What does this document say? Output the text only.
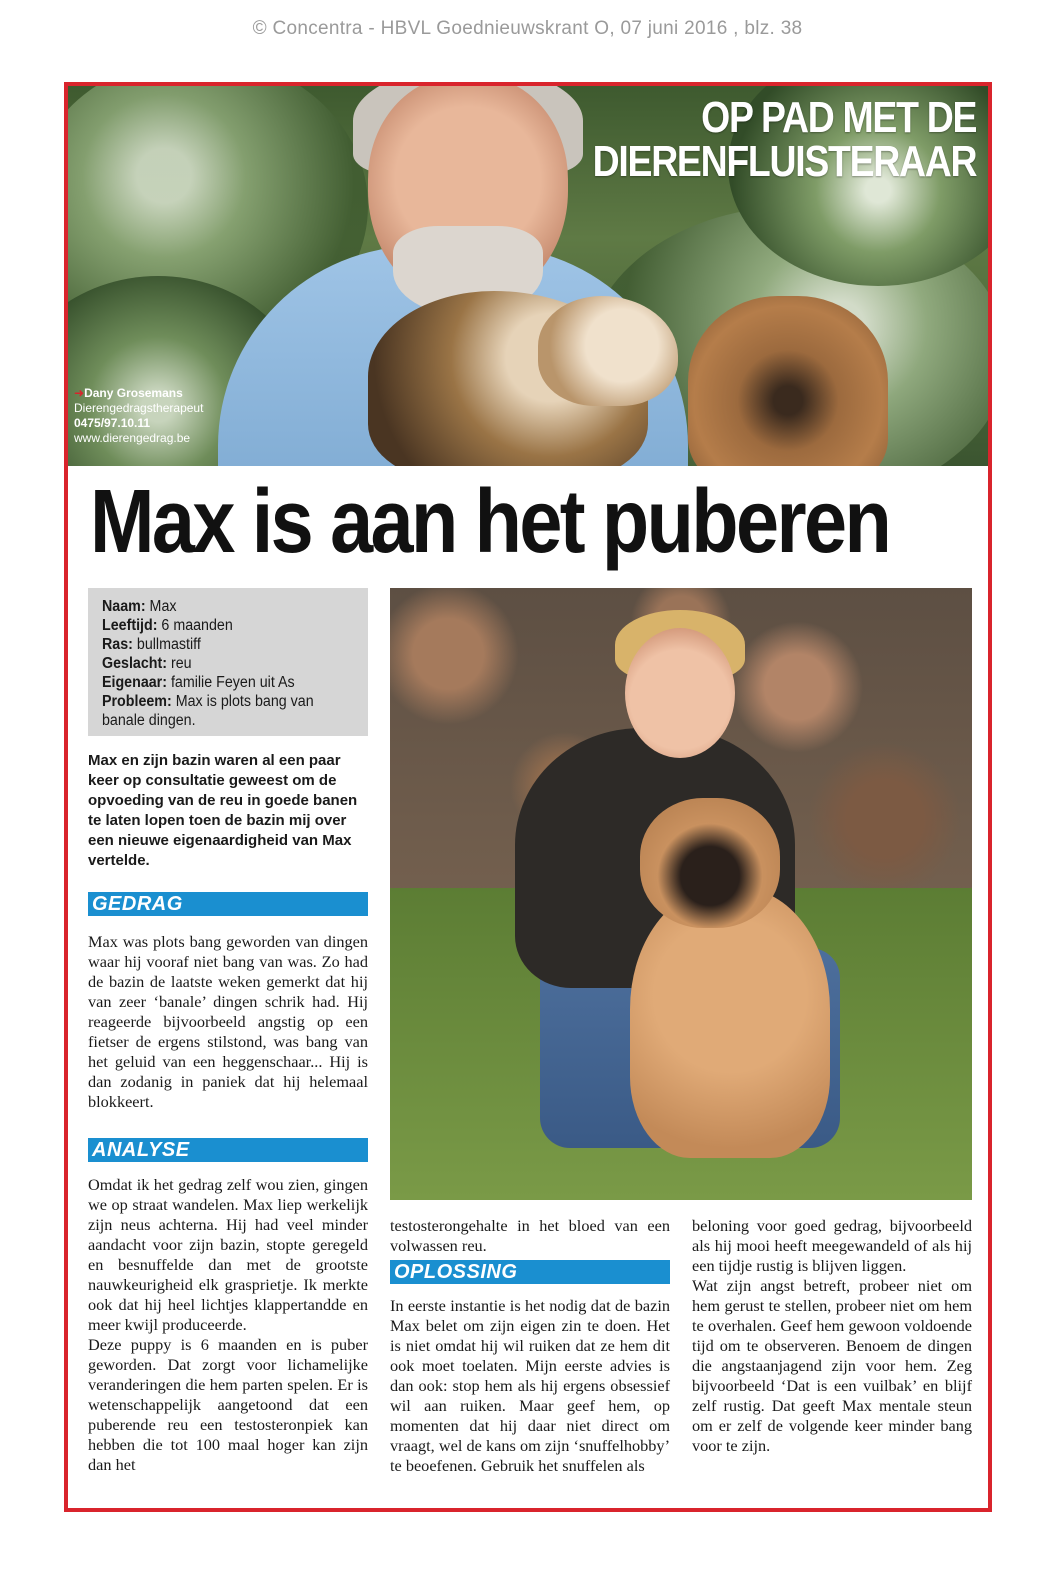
© Concentra - HBVL Goednieuwskrant O, 07 juni 2016 , blz. 38
OP PAD MET DE
DIERENFLUISTERAAR
➜Dany Grosemans
Dierengedragstherapeut
0475/97.10.11
www.dierengedrag.be
Max is aan het puberen
Naam: Max
Leeftijd: 6 maanden
Ras: bullmastiff
Geslacht: reu
Eigenaar: familie Feyen uit As
Probleem: Max is plots bang van banale dingen.
Max en zijn bazin waren al een paar keer op consultatie geweest om de opvoeding van de reu in goede banen te laten lopen toen de bazin mij over een nieuwe eigenaardigheid van Max vertelde.
GEDRAG
Max was plots bang geworden van dingen waar hij vooraf niet bang van was. Zo had de bazin de laatste weken gemerkt dat hij van zeer ‘banale’ dingen schrik had. Hij reageerde bijvoorbeeld angstig op een fietser de ergens stilstond, was bang van het geluid van een heggenschaar... Hij is dan zodanig in paniek dat hij helemaal blokkeert.
ANALYSE

Omdat ik het gedrag zelf wou zien, gingen we op straat wandelen. Max liep werkelijk zijn neus achterna. Hij had veel minder aandacht voor zijn bazin, stopte geregeld en besnuffelde dan met de grootste nauwkeurigheid elk grasprietje. Ik merkte ook dat hij heel lichtjes klappertandde en meer kwijl produceerde.

Deze puppy is 6 maanden en is puber geworden. Dat zorgt voor lichamelijke veranderingen die hem parten spelen. Er is wetenschappelijk aangetoond dat een puberende reu een testosteronpiek kan hebben die tot 100 maal hoger kan zijn dan het

testosterongehalte in het bloed van een volwassen reu.
OPLOSSING
In eerste instantie is het nodig dat de bazin Max belet om zijn eigen zin te doen. Het is niet omdat hij wil ruiken dat ze hem dit ook moet toelaten. Mijn eerste advies is dan ook: stop hem als hij ergens obsessief wil aan ruiken. Maar geef hem, op momenten dat hij daar niet direct om vraagt, wel de kans om zijn ‘snuffelhobby’ te beoefenen. Gebruik het snuffelen als

beloning voor goed gedrag, bijvoorbeeld als hij mooi heeft meegewandeld of als hij een tijdje rustig is blijven liggen.

Wat zijn angst betreft, probeer niet om hem gerust te stellen, probeer niet om hem te overhalen. Geef hem gewoon voldoende tijd om te observeren. Benoem de dingen die angstaanjagend zijn voor hem. Zeg bijvoorbeeld ‘Dat is een vuilbak’ en blijf zelf rustig. Dat geeft Max mentale steun om er zelf de volgende keer minder bang voor te zijn.
